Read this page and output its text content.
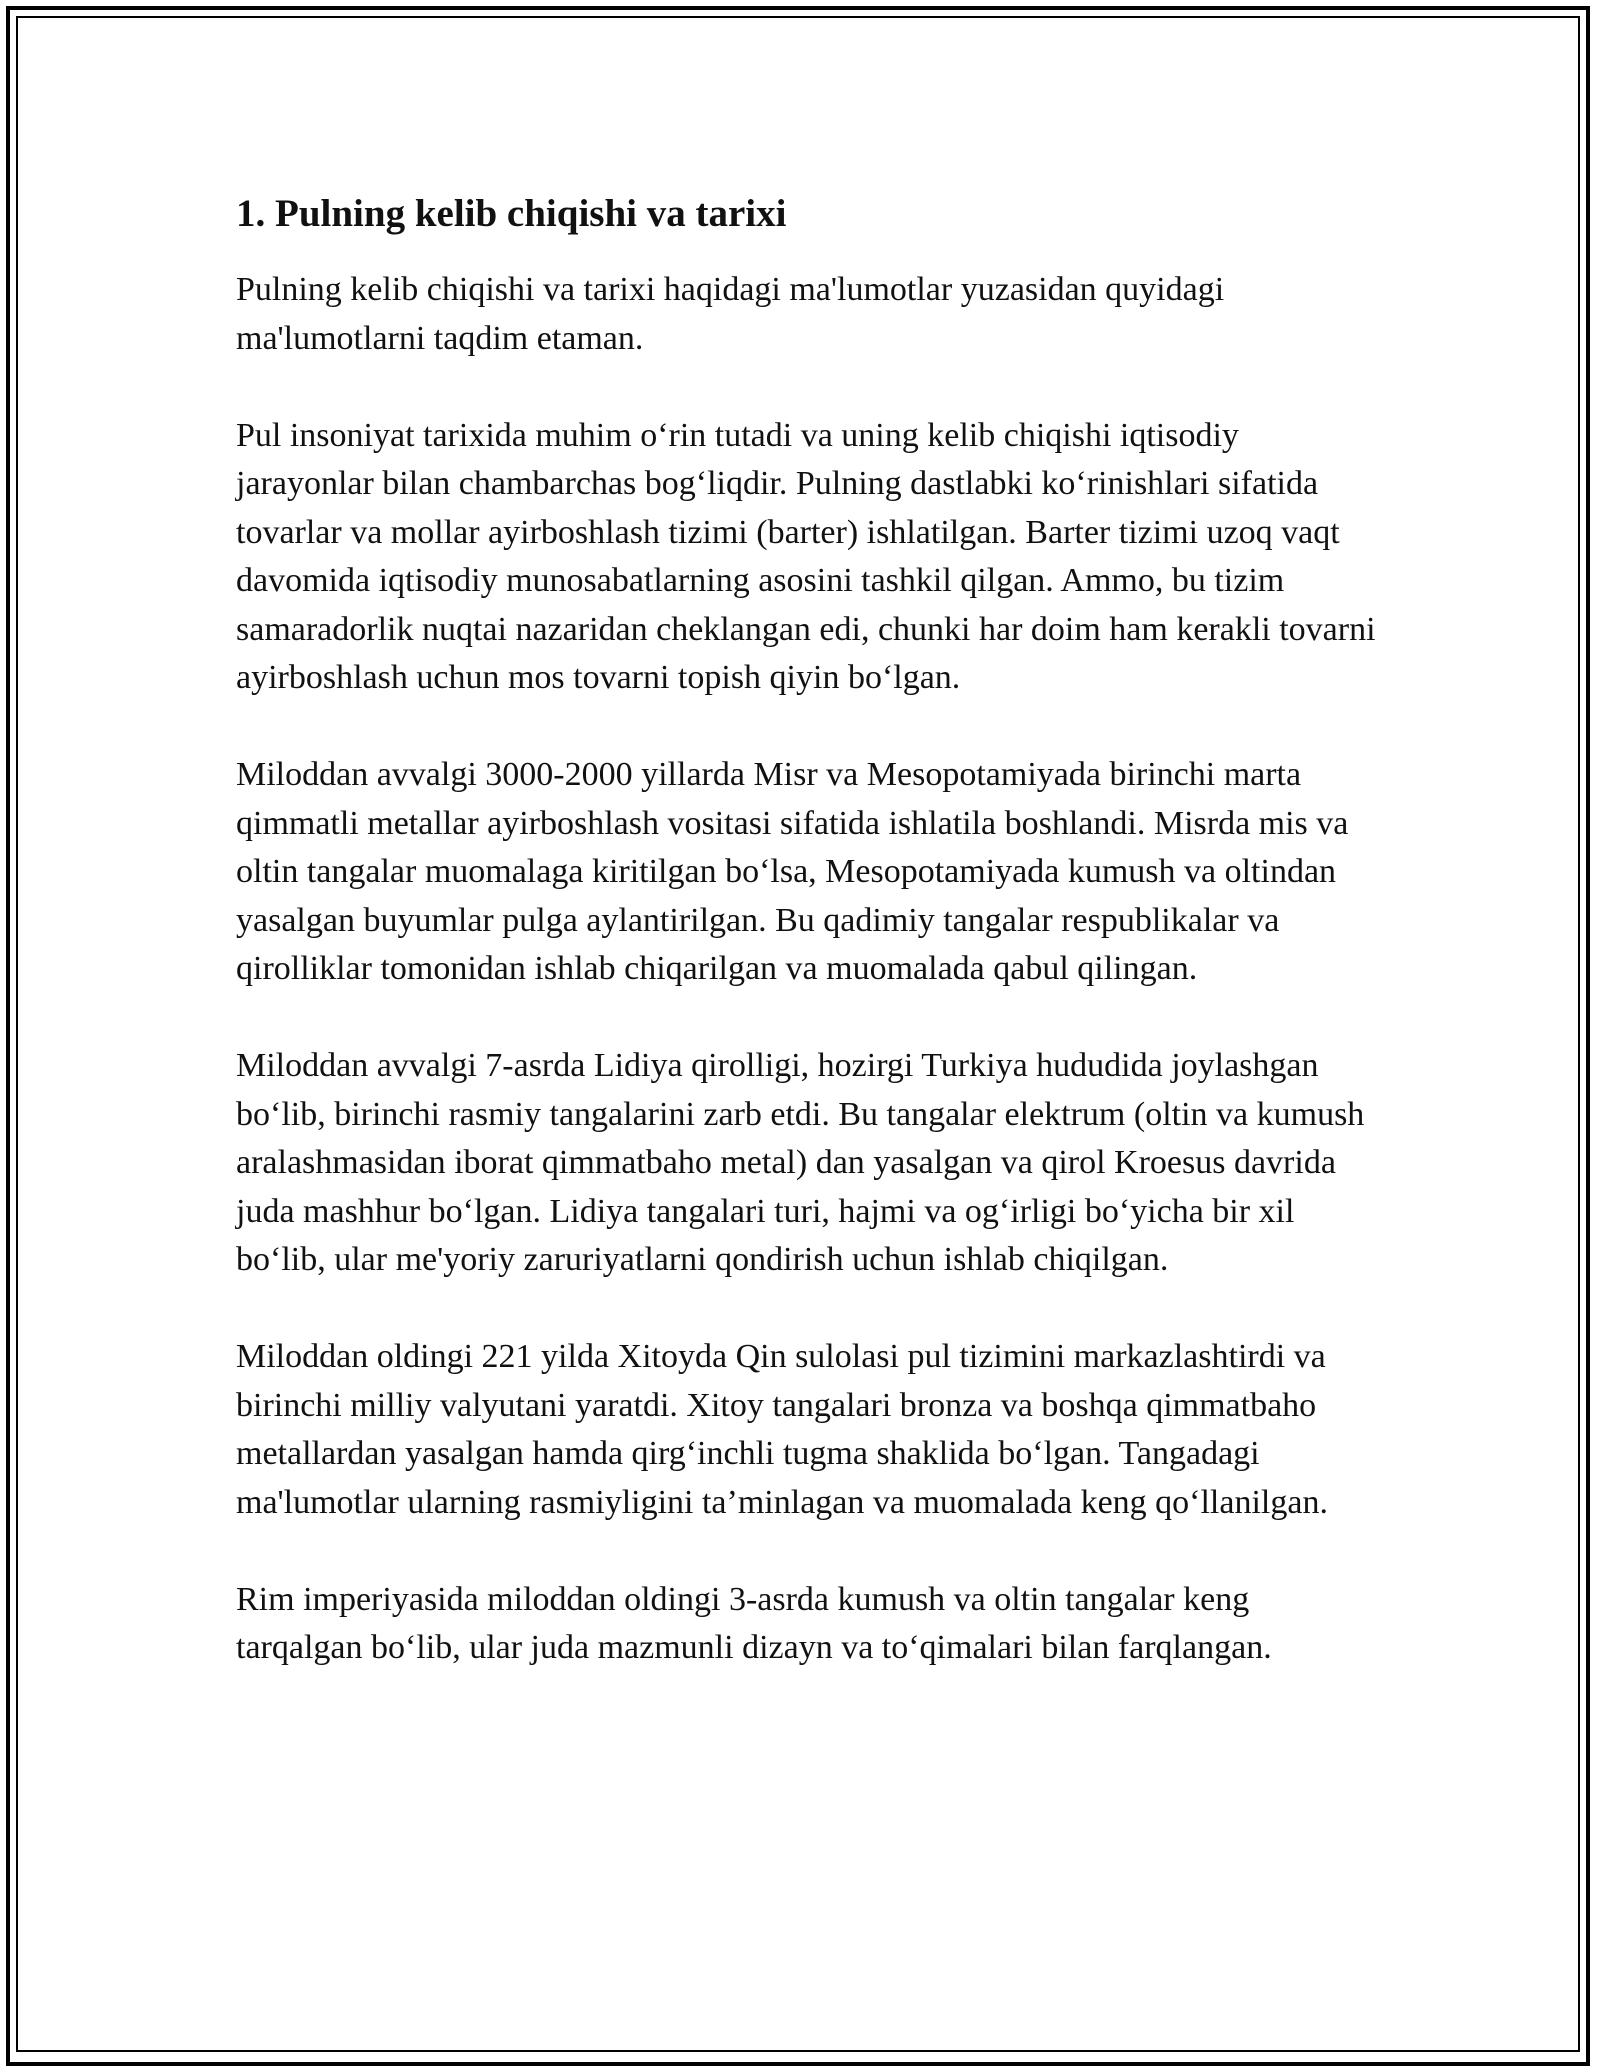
1. Pulning kelib chiqishi va tarixi

Pulning kelib chiqishi va tarixi haqidagi ma'lumotlar yuzasidan quyidagi ma'lumotlarni taqdim etaman.

Pul insoniyat tarixida muhim oʻrin tutadi va uning kelib chiqishi iqtisodiy jarayonlar bilan chambarchas bogʻliqdir. Pulning dastlabki koʻrinishlari sifatida tovarlar va mollar ayirboshlash tizimi (barter) ishlatilgan. Barter tizimi uzoq vaqt davomida iqtisodiy munosabatlarning asosini tashkil qilgan. Ammo, bu tizim samaradorlik nuqtai nazaridan cheklangan edi, chunki har doim ham kerakli tovarni ayirboshlash uchun mos tovarni topish qiyin boʻlgan.

Miloddan avvalgi 3000-2000 yillarda Misr va Mesopotamiyada birinchi marta qimmatli metallar ayirboshlash vositasi sifatida ishlatila boshlandi. Misrda mis va oltin tangalar muomalaga kiritilgan boʻlsa, Mesopotamiyada kumush va oltindan yasalgan buyumlar pulga aylantirilgan. Bu qadimiy tangalar respublikalar va qirolliklar tomonidan ishlab chiqarilgan va muomalada qabul qilingan.

Miloddan avvalgi 7-asrda Lidiya qirolligi, hozirgi Turkiya hududida joylashgan boʻlib, birinchi rasmiy tangalarini zarb etdi. Bu tangalar elektrum (oltin va kumush aralashmasidan iborat qimmatbaho metal) dan yasalgan va qirol Kroesus davrida juda mashhur boʻlgan. Lidiya tangalari turi, hajmi va ogʻirligi boʻyicha bir xil boʻlib, ular me'yoriy zaruriyatlarni qondirish uchun ishlab chiqilgan.

Miloddan oldingi 221 yilda Xitoyda Qin sulolasi pul tizimini markazlashtirdi va birinchi milliy valyutani yaratdi. Xitoy tangalari bronza va boshqa qimmatbaho metallardan yasalgan hamda qirgʻinchli tugma shaklida boʻlgan. Tangadagi ma'lumotlar ularning rasmiyligini ta’minlagan va muomalada keng qoʻllanilgan.

Rim imperiyasida miloddan oldingi 3-asrda kumush va oltin tangalar keng tarqalgan boʻlib, ular juda mazmunli dizayn va toʻqimalari bilan farqlangan.
